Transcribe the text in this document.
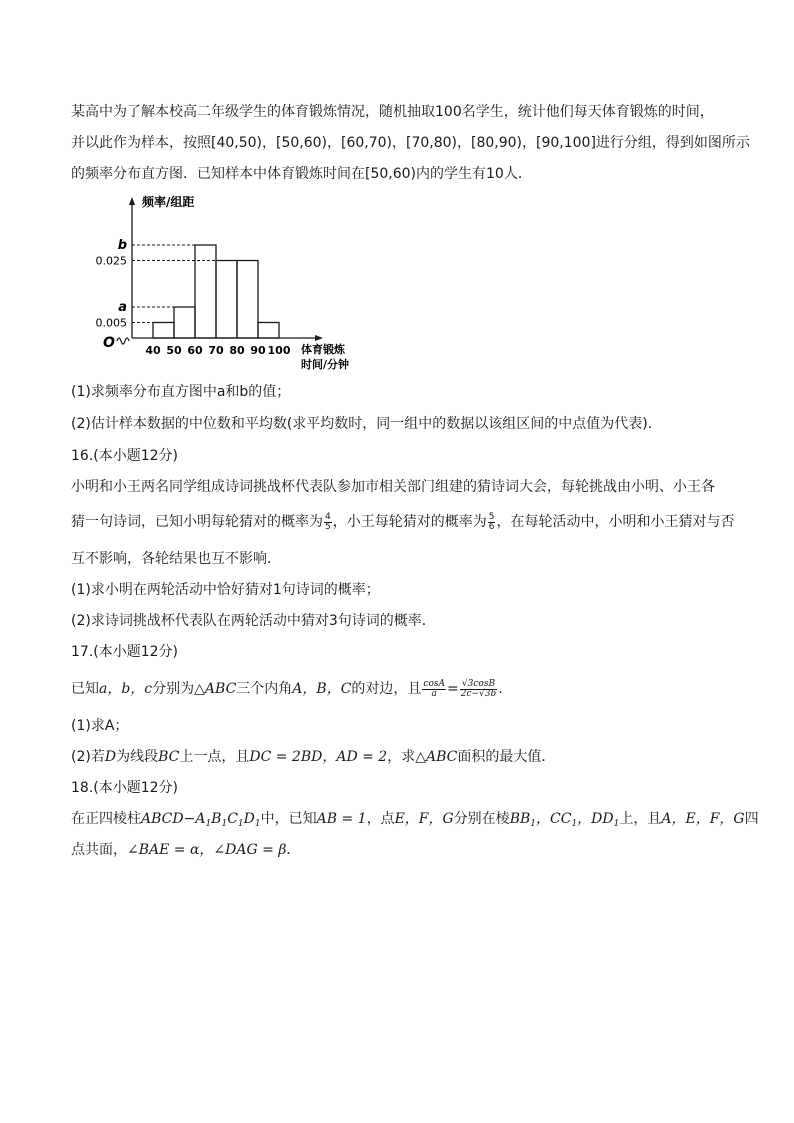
某高中为了解本校高二年级学生的体育锻炼情况，随机抽取100名学生，统计他们每天体育锻炼的时间，
并以此作为样本，按照[40,50)，[50,60)，[60,70)，[70,80)，[80,90)，[90,100]进行分组，得到如图所示
的频率分布直方图．已知样本中体育锻炼时间在[50,60)内的学生有10人．
O
频率/组距
0.005
a
0.025
b
40 50 60 70 80 90 100 体育锻炼
时间/分钟
(1)求频率分布直方图中a和b的值；
(2)估计样本数据的中位数和平均数(求平均数时，同一组中的数据以该组区间的中点值为代表)．
16.(本小题12分)
小明和小王两名同学组成诗词挑战杯代表队参加市相关部门组建的猜诗词大会，每轮挑战由小明、小王各
猜一句诗词，已知小明每轮猜对的概率为 $\frac{4}{5}$ ，小王每轮猜对的概率为 $\frac{5}{6}$ ，在每轮活动中，小明和小王猜对与否
互不影响，各轮结果也互不影响．
(1)求小明在两轮活动中恰好猜对1句诗词的概率；
(2)求诗词挑战杯代表队在两轮活动中猜对3句诗词的概率．
17.(本小题12分)
已知a，b，c分别为△ABC三个内角A，B，C的对边，且 $\frac{\cos A}{a} = \frac{√3\cos B}{2c-√3b}$ .
(1)求A；
(2)若D为线段BC上一点，且DC = 2BD，AD = 2，求△ABC面积的最大值．
18.(本小题12分)
在正四棱柱$ABCD-A_1B_1C_1D_1$中，已知AB = 1，点E，F，G分别在棱$BB_1$，$CC_1$，$DD_1$上，且A，E，F，G四
点共面，∠BAE = α，∠DAG = β．
